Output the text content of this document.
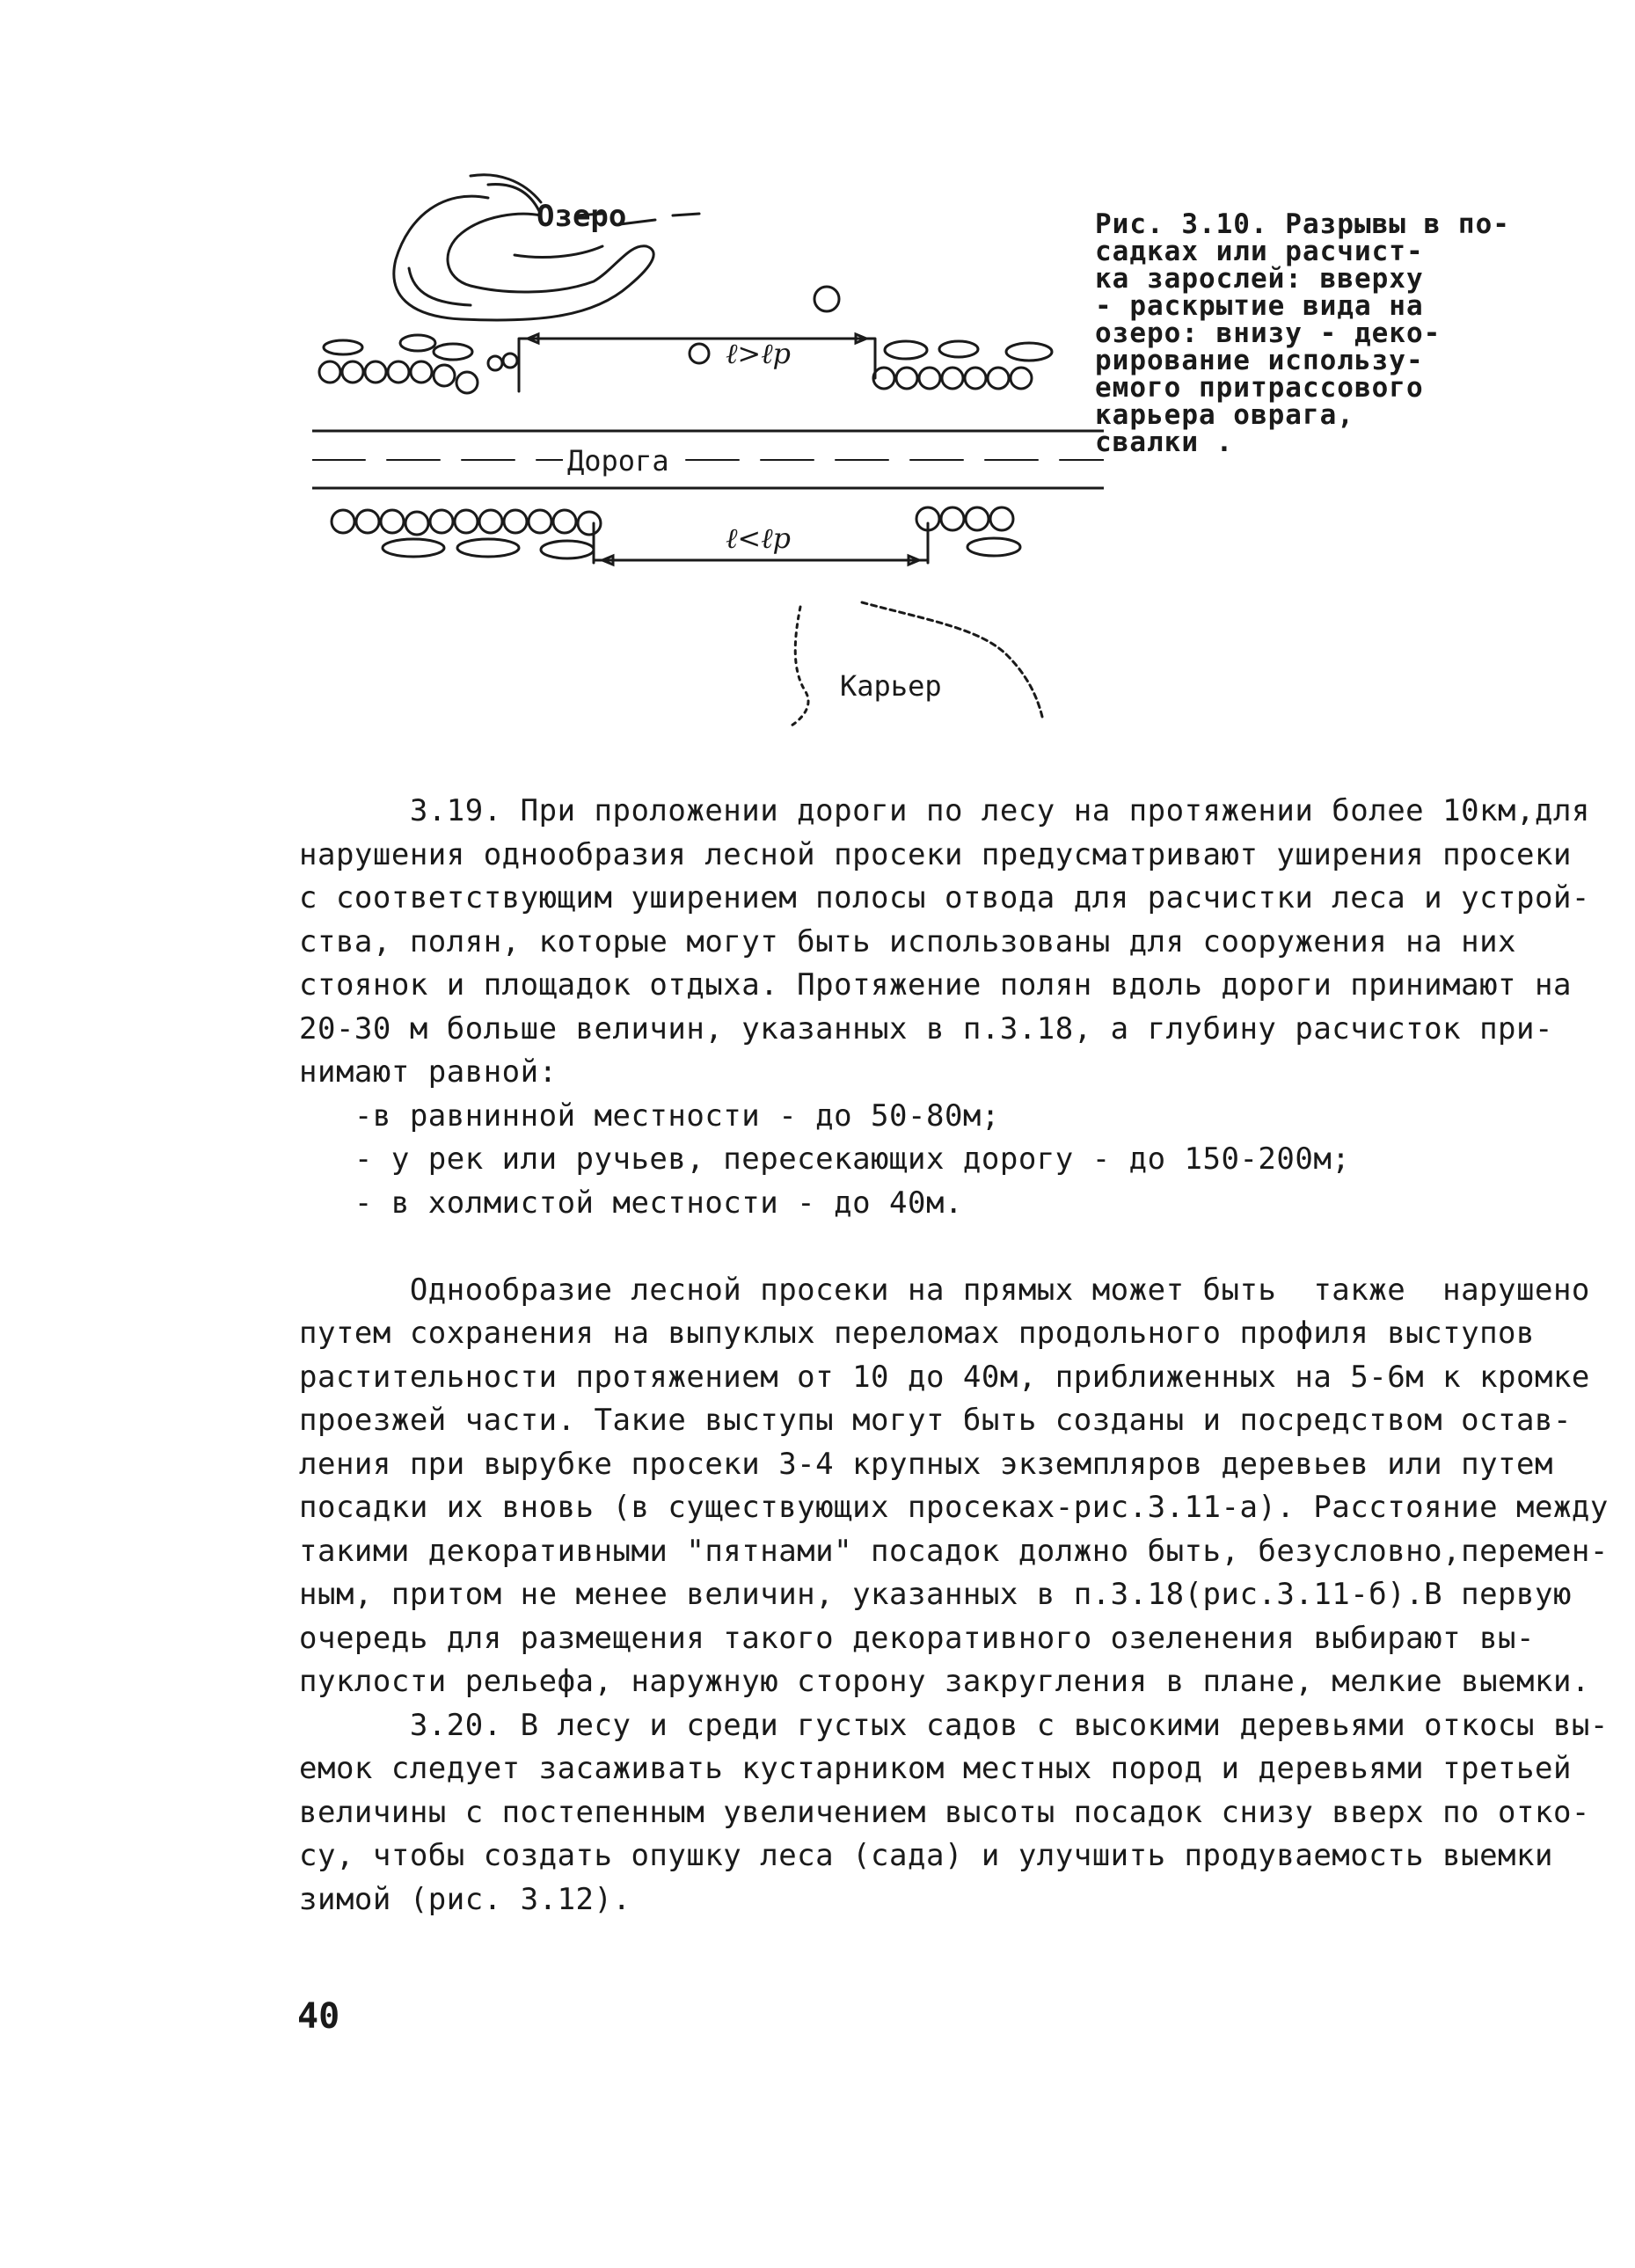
Озеро
ℓ>ℓр
Дорога
ℓ<ℓр
Карьер
Рис. 3.10. Разрывы в по-
садках или расчист-
ка зарослей: вверху
- раскрытие вида на
озеро: внизу - деко-
рирование использу-
емого притрассового
карьера оврага,
свалки .
3.19. При проложении дороги по лесу на протяжении более 10км,для
нарушения однообразия лесной просеки предусматривают уширения просеки
с соответствующим уширением полосы отвода для расчистки леса и устрой-
ства, полян, которые могут быть использованы для сооружения на них
стоянок и площадок отдыха. Протяжение полян вдоль дороги принимают на
20-30 м больше величин, указанных в п.3.18, а глубину расчисток при-
нимают равной:
-в равнинной местности - до 50-80м;
- у рек или ручьев, пересекающих дорогу - до 150-200м;
- в холмистой местности - до 40м.
Однообразие лесной просеки на прямых может быть  также  нарушено
путем сохранения на выпуклых переломах продольного профиля выступов
растительности протяжением от 10 до 40м, приближенных на 5-6м к кромке
проезжей части. Такие выступы могут быть созданы и посредством остав-
ления при вырубке просеки 3-4 крупных экземпляров деревьев или путем
посадки их вновь (в существующих просеках-рис.3.11-а). Расстояние между
такими декоративными "пятнами" посадок должно быть, безусловно,перемен-
ным, притом не менее величин, указанных в п.3.18(рис.3.11-б).В первую
очередь для размещения такого декоративного озеленения выбирают вы-
пуклости рельефа, наружную сторону закругления в плане, мелкие выемки.
3.20. В лесу и среди густых садов с высокими деревьями откосы вы-
емок следует засаживать кустарником местных пород и деревьями третьей
величины с постепенным увеличением высоты посадок снизу вверх по отко-
су, чтобы создать опушку леса (сада) и улучшить продуваемость выемки
зимой (рис. 3.12).
40
